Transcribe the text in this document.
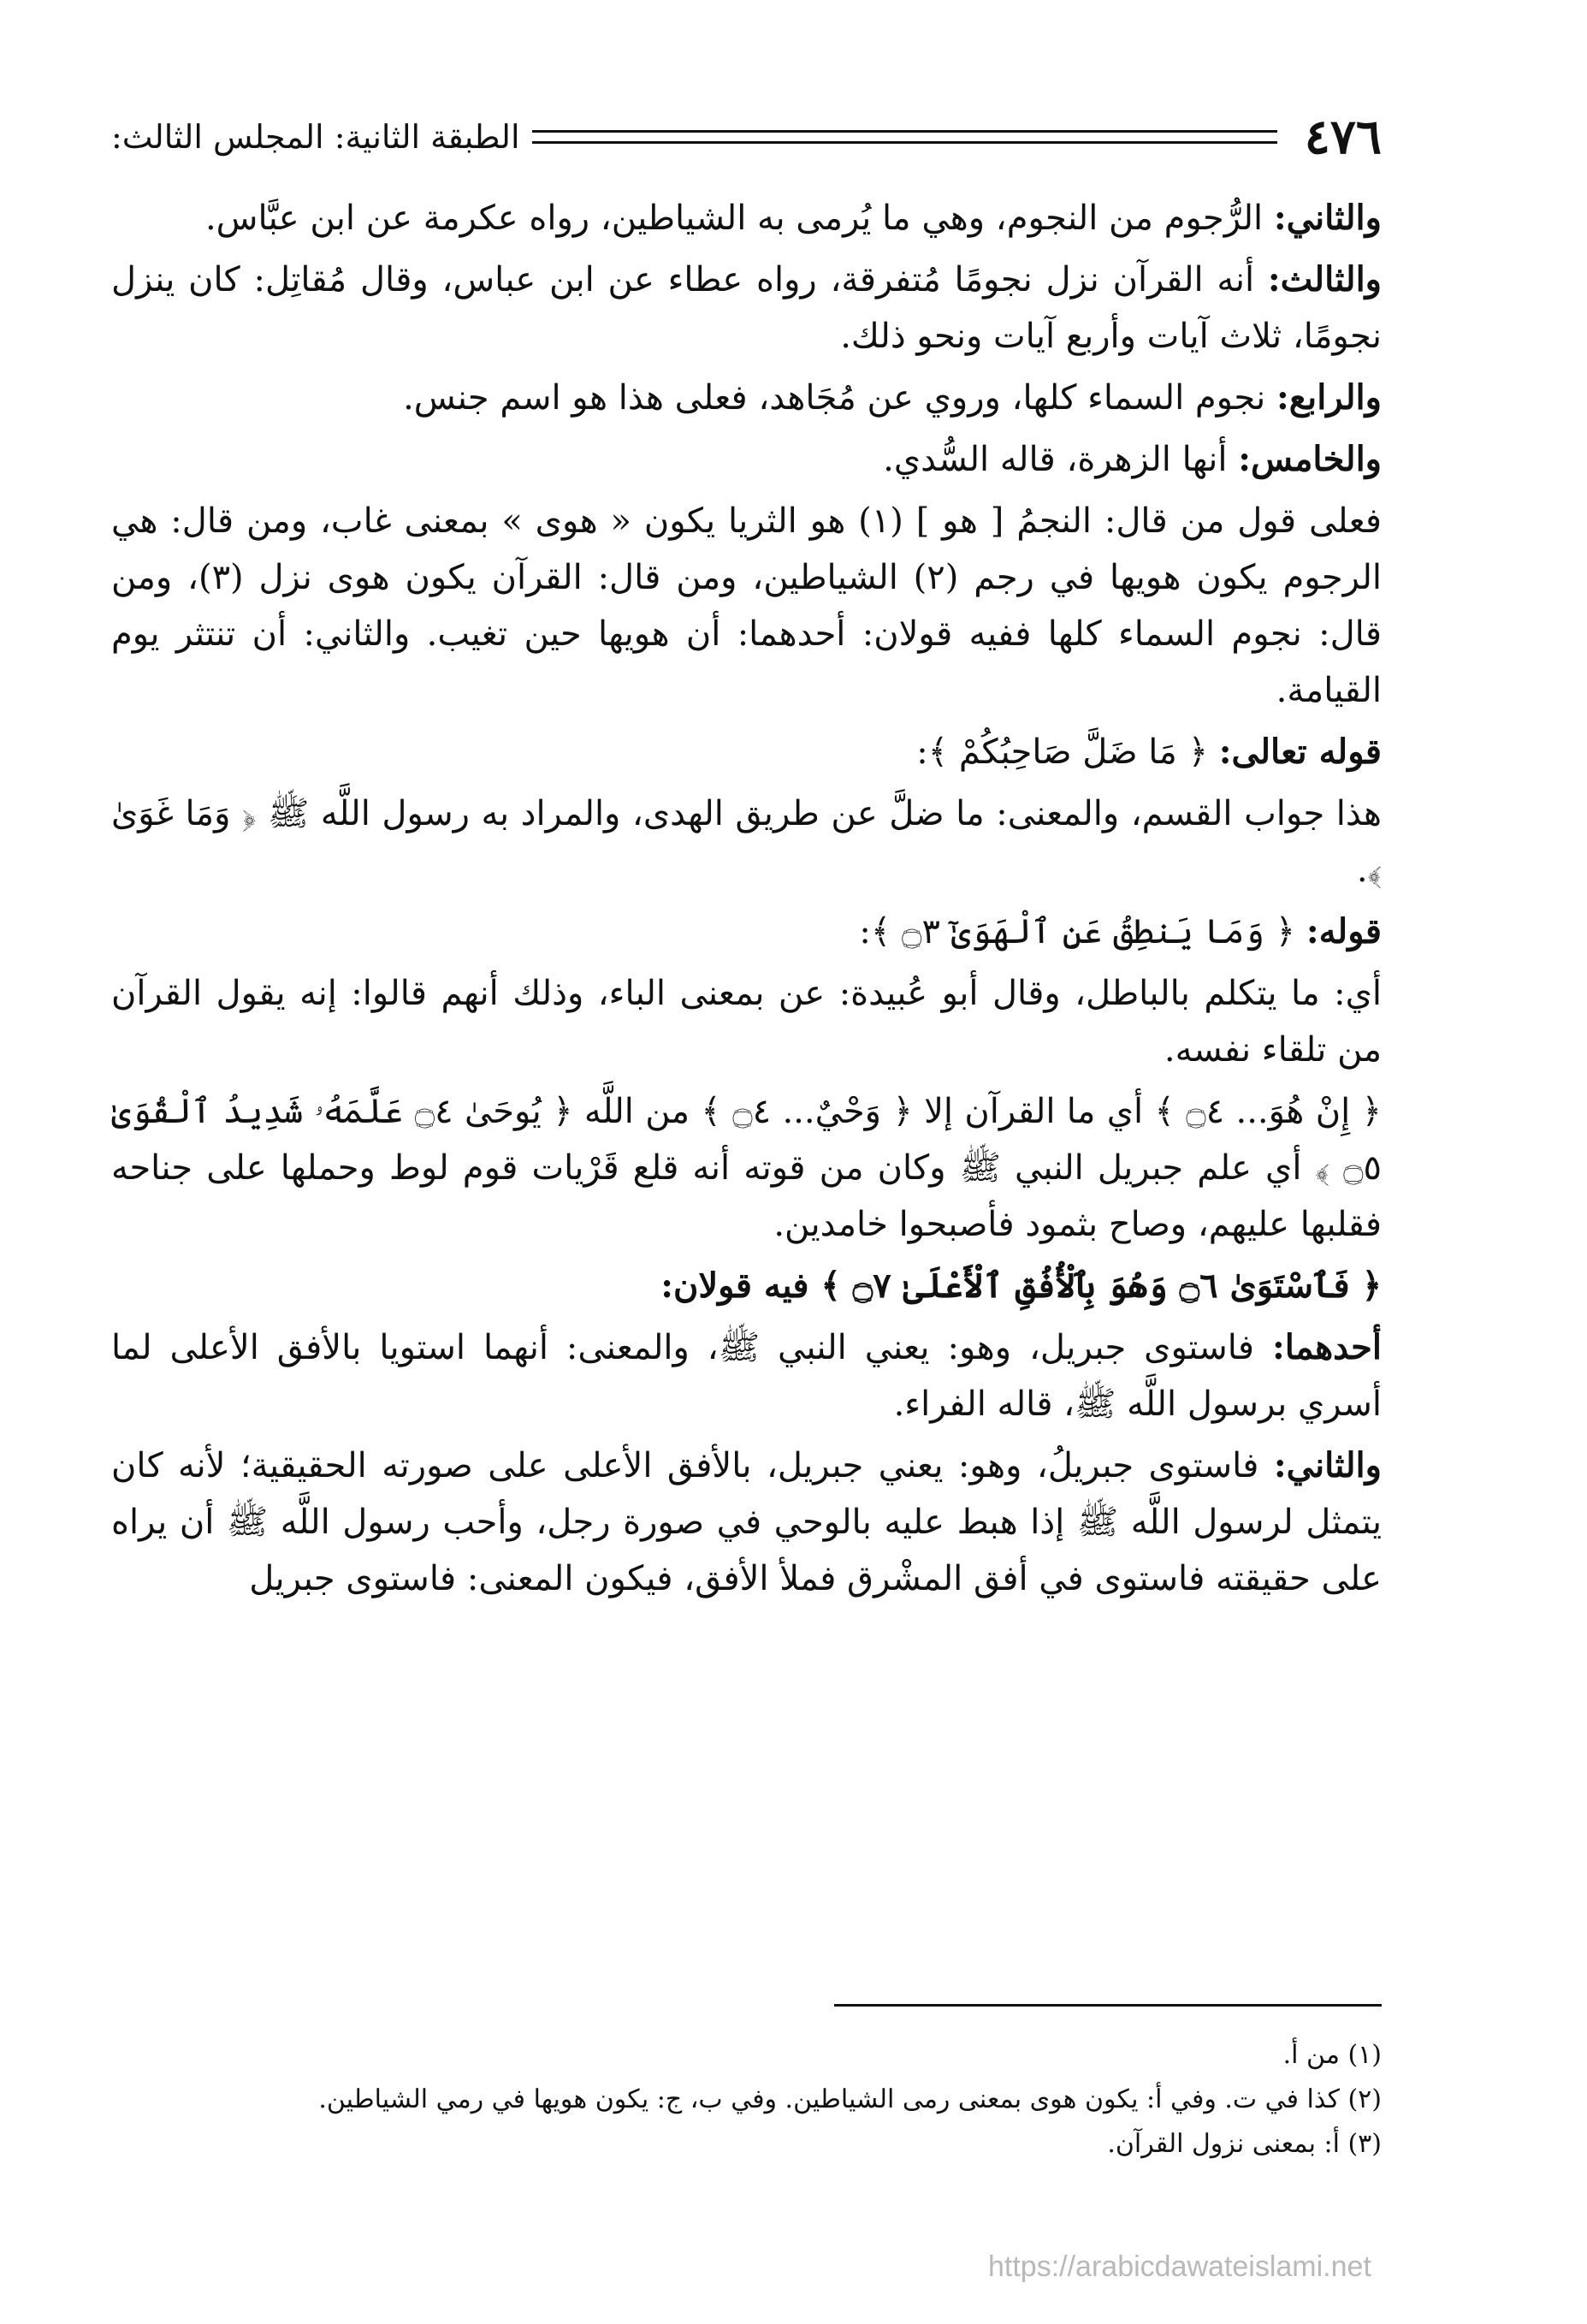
٤٧٦
الطبقة الثانية: المجلس الثالث:

والثاني: الرُّجوم من النجوم، وهي ما يُرمى به الشياطين، رواه عكرمة عن ابن عبَّاس.

والثالث: أنه القرآن نزل نجومًا مُتفرقة، رواه عطاء عن ابن عباس، وقال مُقاتِل: كان ينزل نجومًا، ثلاث آيات وأربع آيات ونحو ذلك.

والرابع: نجوم السماء كلها، وروي عن مُجَاهد، فعلى هذا هو اسم جنس.

والخامس: أنها الزهرة، قاله السُّدي.

فعلى قول من قال: النجمُ [ هو ] (١) هو الثريا يكون « هوى » بمعنى غاب، ومن قال: هي الرجوم يكون هويها في رجم (٢) الشياطين، ومن قال: القرآن يكون هوى نزل (٣)، ومن قال: نجوم السماء كلها ففيه قولان: أحدهما: أن هويها حين تغيب. والثاني: أن تنتثر يوم القيامة.

قوله تعالى: ﴿ مَا ضَلَّ صَاحِبُكُمْ ﴾:

هذا جواب القسم، والمعنى: ما ضلَّ عن طريق الهدى، والمراد به رسول اللَّه ﷺ ﴿ وَمَا غَوَىٰ ﴾.

قوله: ﴿ وَمَا يَنطِقُ عَنِ ٱلْهَوَىٰٓ ۝٣ ﴾:

أي: ما يتكلم بالباطل، وقال أبو عُبيدة: عن بمعنى الباء، وذلك أنهم قالوا: إنه يقول القرآن من تلقاء نفسه.

﴿ إِنْ هُوَ... ۝٤ ﴾ أي ما القرآن إلا ﴿ وَحْيٌ... ۝٤ ﴾ من اللَّه ﴿ يُوحَىٰ ۝٤ عَلَّمَهُۥ شَدِيدُ ٱلْقُوَىٰ ۝٥ ﴾ أي علم جبريل النبي ﷺ وكان من قوته أنه قلع قَرْيات قوم لوط وحملها على جناحه فقلبها عليهم، وصاح بثمود فأصبحوا خامدين.

﴿ فَٱسْتَوَىٰ ۝٦ وَهُوَ بِٱلْأُفُقِ ٱلْأَعْلَىٰ ۝٧ ﴾ فيه قولان:

أحدهما: فاستوى جبريل، وهو: يعني النبي ﷺ، والمعنى: أنهما استويا بالأفق الأعلى لما أسري برسول اللَّه ﷺ، قاله الفراء.

والثاني: فاستوى جبريلُ، وهو: يعني جبريل، بالأفق الأعلى على صورته الحقيقية؛ لأنه كان يتمثل لرسول اللَّه ﷺ إذا هبط عليه بالوحي في صورة رجل، وأحب رسول اللَّه ﷺ أن يراه على حقيقته فاستوى في أفق المشْرق فملأ الأفق، فيكون المعنى: فاستوى جبريل

(١) من أ.

(٢) كذا في ت. وفي أ: يكون هوى بمعنى رمى الشياطين. وفي ب، ج: يكون هويها في رمي الشياطين.

(٣) أ: بمعنى نزول القرآن.

https://arabicdawateislami.net
